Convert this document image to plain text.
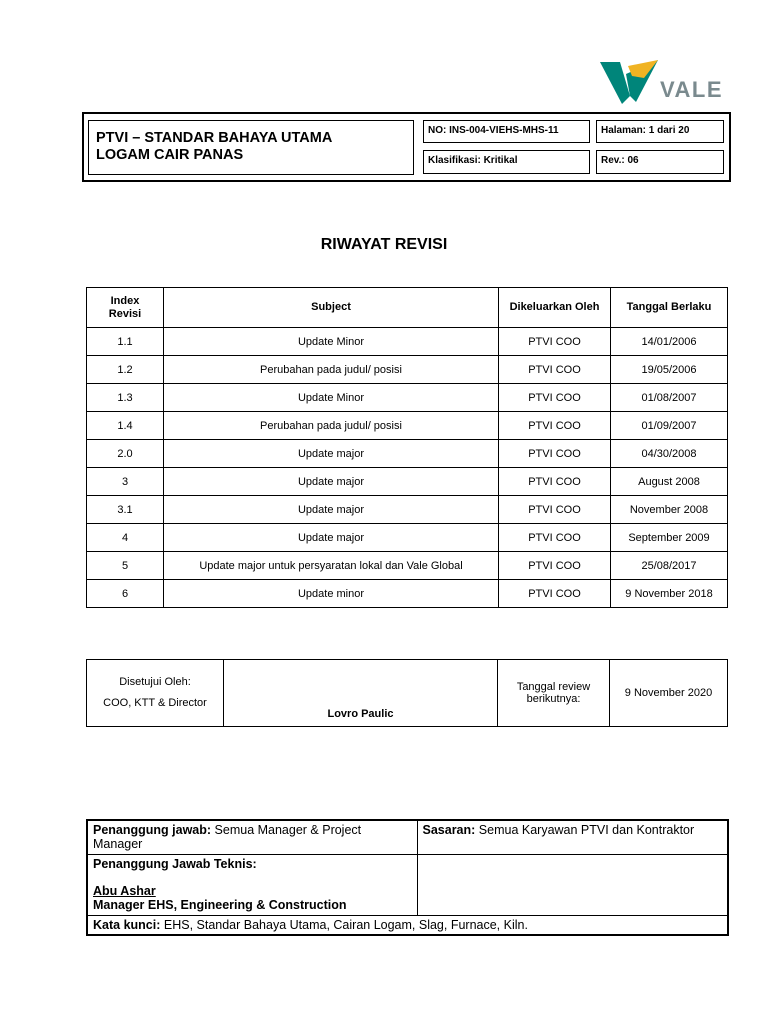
VALE
PTVI – STANDAR BAHAYA UTAMA
LOGAM CAIR PANAS
NO: INS-004-VIEHS-MHS-11	Halaman: 1 dari 20
Klasifikasi: Kritikal	Rev.: 06
RIWAYAT REVISI
Index
Revisi	Subject	Dikeluarkan Oleh	Tanggal Berlaku
1.1	Update Minor	PTVI COO	14/01/2006
1.2	Perubahan pada judul/ posisi	PTVI COO	19/05/2006
1.3	Update Minor	PTVI COO	01/08/2007
1.4	Perubahan pada judul/ posisi	PTVI COO	01/09/2007
2.0	Update major	PTVI COO	04/30/2008
3	Update major	PTVI COO	August 2008
3.1	Update major	PTVI COO	November 2008
4	Update major	PTVI COO	September 2009
5	Update major untuk persyaratan lokal dan Vale Global	PTVI COO	25/08/2017
6	Update minor	PTVI COO	9 November 2018
Disetujui Oleh:
COO, KTT & Director
	Lovro Paulic	
Tanggal review
berikutnya:	9 November 2020
Penanggung jawab: Semua Manager & Project Manager	Sasaran: Semua Karyawan PTVI dan Kontraktor

Penanggung Jawab Teknis:
Abu Ashar
Manager EHS, Engineering & Construction	

Kata kunci: EHS, Standar Bahaya Utama, Cairan Logam, Slag, Furnace, Kiln.	
